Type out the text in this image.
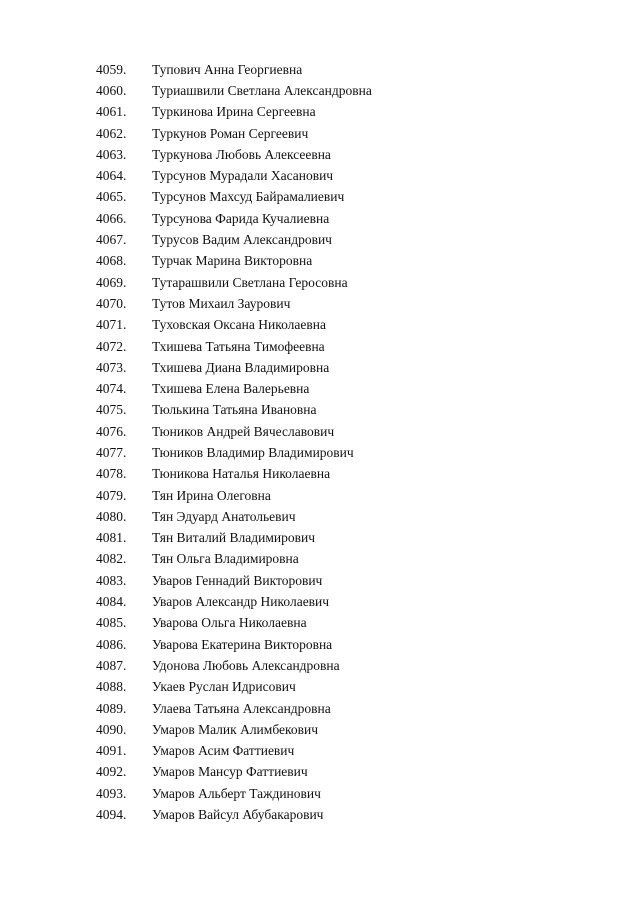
4059.	Тупович Анна Георгиевна
4060.	Туриашвили Светлана Александровна
4061.	Туркинова Ирина Сергеевна
4062.	Туркунов Роман Сергеевич
4063.	Туркунова Любовь Алексеевна
4064.	Турсунов Мурадали Хасанович
4065.	Турсунов Махсуд Байрамалиевич
4066.	Турсунова Фарида Кучалиевна
4067.	Турусов Вадим Александрович
4068.	Турчак Марина Викторовна
4069.	Тутарашвили Светлана Геросовна
4070.	Тутов Михаил Заурович
4071.	Туховская Оксана Николаевна
4072.	Тхишева Татьяна Тимофеевна
4073.	Тхишева Диана Владимировна
4074.	Тхишева Елена Валерьевна
4075.	Тюлькина Татьяна Ивановна
4076.	Тюников Андрей Вячеславович
4077.	Тюников Владимир Владимирович
4078.	Тюникова Наталья Николаевна
4079.	Тян Ирина Олеговна
4080.	Тян Эдуард Анатольевич
4081.	Тян Виталий Владимирович
4082.	Тян Ольга Владимировна
4083.	Уваров Геннадий Викторович
4084.	Уваров Александр Николаевич
4085.	Уварова Ольга Николаевна
4086.	Уварова Екатерина Викторовна
4087.	Удонова Любовь Александровна
4088.	Укаев Руслан Идрисович
4089.	Улаева Татьяна Александровна
4090.	Умаров Малик Алимбекович
4091.	Умаров Асим Фаттиевич
4092.	Умаров Мансур Фаттиевич
4093.	Умаров Альберт Таждинович
4094.	Умаров Вайсул Абубакарович
